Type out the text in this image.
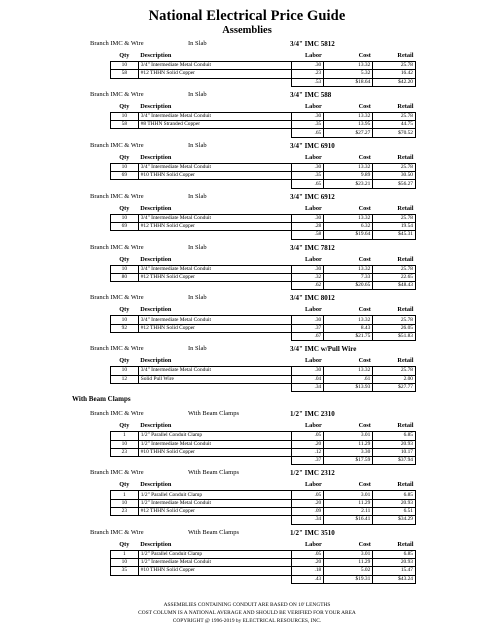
National Electrical Price Guide
Assemblies
Branch IMC & Wire	In Slab	3/4" IMC 5812
Qty	Description	Labor	Cost	Retail
10	3/4" Intermediate Metal Conduit	.30	13.32	25.78
58	#12 THHN Solid Copper	.23	5.32	16.42
		.53	$18.64	$42.20
Branch IMC & Wire	In Slab	3/4" IMC 588
Qty	Description	Labor	Cost	Retail
10	3/4" Intermediate Metal Conduit	.30	13.32	25.78
58	#8 THHN Stranded Copper	.35	13.95	44.75
		.65	$27.27	$70.52
Branch IMC & Wire	In Slab	3/4" IMC 6910
Qty	Description	Labor	Cost	Retail
10	3/4" Intermediate Metal Conduit	.30	13.32	25.78
69	#10 THHN Solid Copper	.35	9.89	30.50
		.65	$23.21	$56.27
Branch IMC & Wire	In Slab	3/4" IMC 6912
Qty	Description	Labor	Cost	Retail
10	3/4" Intermediate Metal Conduit	.30	13.32	25.78
69	#12 THHN Solid Copper	.28	6.32	19.54
		.58	$19.64	$45.31
Branch IMC & Wire	In Slab	3/4" IMC 7812
Qty	Description	Labor	Cost	Retail
10	3/4" Intermediate Metal Conduit	.30	13.32	25.78
80	#12 THHN Solid Copper	.32	7.33	22.65
		.62	$20.65	$48.43
Branch IMC & Wire	In Slab	3/4" IMC 8012
Qty	Description	Labor	Cost	Retail
10	3/4" Intermediate Metal Conduit	.30	13.32	25.78
92	#12 THHN Solid Copper	.37	8.43	26.05
		.67	$21.75	$51.83
Branch IMC & Wire	In Slab	3/4" IMC w/Pull Wire
Qty	Description	Labor	Cost	Retail
10	3/4" Intermediate Metal Conduit	.30	13.32	25.78
12	Solid Pull Wire	.04	.61	2.00
		.34	$13.93	$27.77
With Beam Clamps
Branch IMC & Wire	With Beam Clamps	1/2" IMC 2310
Qty	Description	Labor	Cost	Retail
1	1/2" Parallel Conduit Clamp	.05	3.01	6.85
10	1/2" Intermediate Metal Conduit	.20	11.29	20.93
23	#10 THHN Solid Copper	.12	3.30	10.17
		.37	$17.59	$37.94
Branch IMC & Wire	With Beam Clamps	1/2" IMC 2312
Qty	Description	Labor	Cost	Retail
1	1/2" Parallel Conduit Clamp	.05	3.01	6.85
10	1/2" Intermediate Metal Conduit	.20	11.29	20.93
23	#12 THHN Solid Copper	.09	2.11	6.51
		.34	$16.41	$34.29
Branch IMC & Wire	With Beam Clamps	1/2" IMC 3510
Qty	Description	Labor	Cost	Retail
1	1/2" Parallel Conduit Clamp	.05	3.01	6.85
10	1/2" Intermediate Metal Conduit	.20	11.29	20.93
35	#10 THHN Solid Copper	.18	5.02	15.47
		.43	$19.31	$43.24
ASSEMBLIES CONTAINING CONDUIT ARE BASED ON 10' LENGTHS
COST COLUMN IS A NATIONAL AVERAGE AND SHOULD BE VERIFIED FOR YOUR AREA
COPYRIGHT @ 1996-2019 by ELECTRICAL RESOURCES, INC.
